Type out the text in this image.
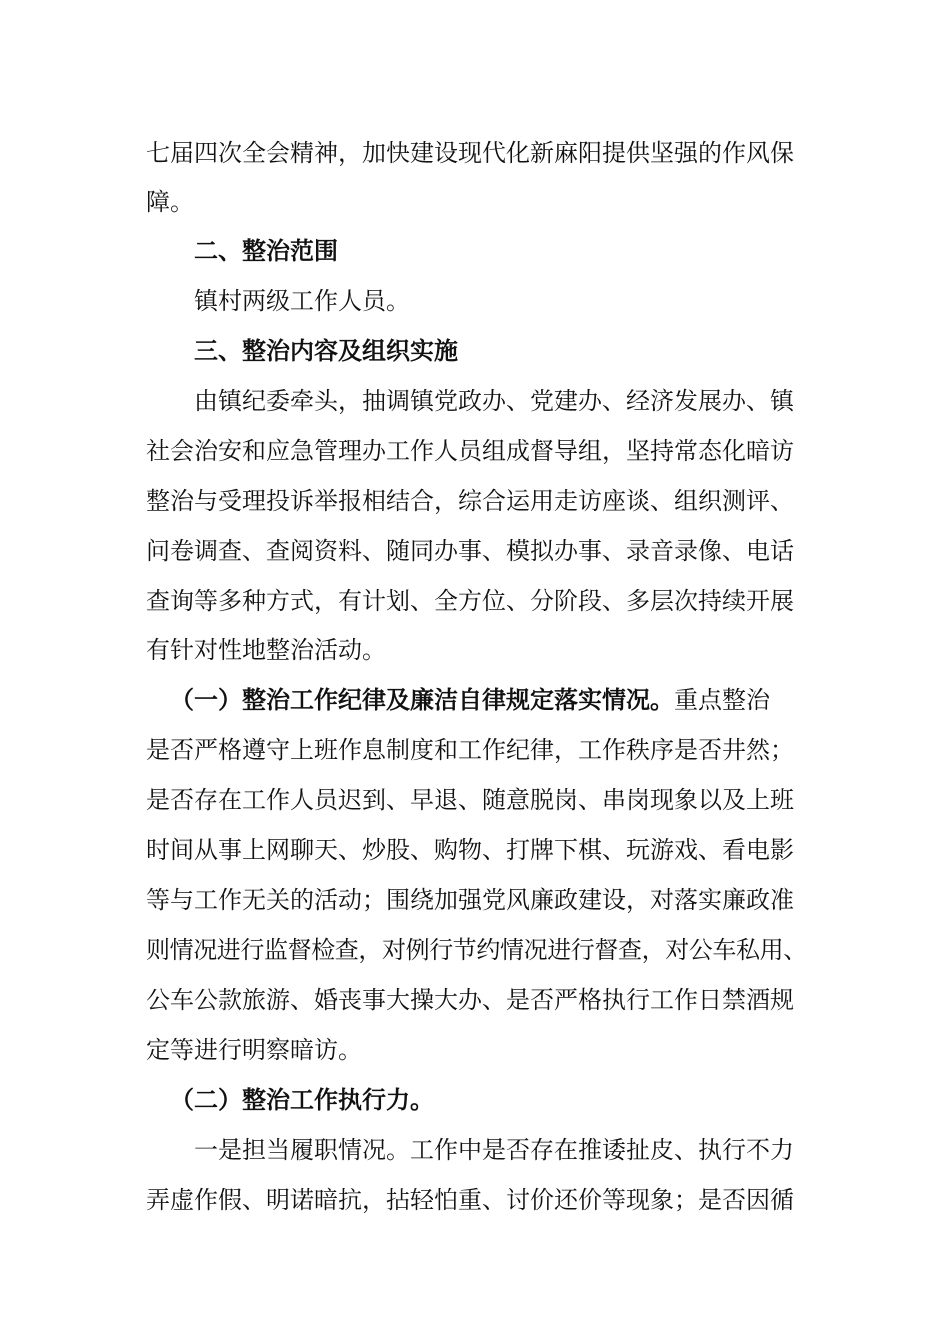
七届四次全会精神，加快建设现代化新麻阳提供坚强的作风保
障。
二、整治范围
镇村两级工作人员。
三、整治内容及组织实施
由镇纪委牵头，抽调镇党政办、党建办、经济发展办、镇
社会治安和应急管理办工作人员组成督导组，坚持常态化暗访
整治与受理投诉举报相结合，综合运用走访座谈、组织测评、
问卷调查、查阅资料、随同办事、模拟办事、录音录像、电话
查询等多种方式，有计划、全方位、分阶段、多层次持续开展
有针对性地整治活动。
（一）整治工作纪律及廉洁自律规定落实情况。重点整治
是否严格遵守上班作息制度和工作纪律，工作秩序是否井然；
是否存在工作人员迟到、早退、随意脱岗、串岗现象以及上班
时间从事上网聊天、炒股、购物、打牌下棋、玩游戏、看电影
等与工作无关的活动；围绕加强党风廉政建设，对落实廉政准
则情况进行监督检查，对例行节约情况进行督查，对公车私用、
公车公款旅游、婚丧事大操大办、是否严格执行工作日禁酒规
定等进行明察暗访。
（二）整治工作执行力。
一是担当履职情况。工作中是否存在推诿扯皮、执行不力
弄虚作假、明诺暗抗，拈轻怕重、讨价还价等现象；是否因循
